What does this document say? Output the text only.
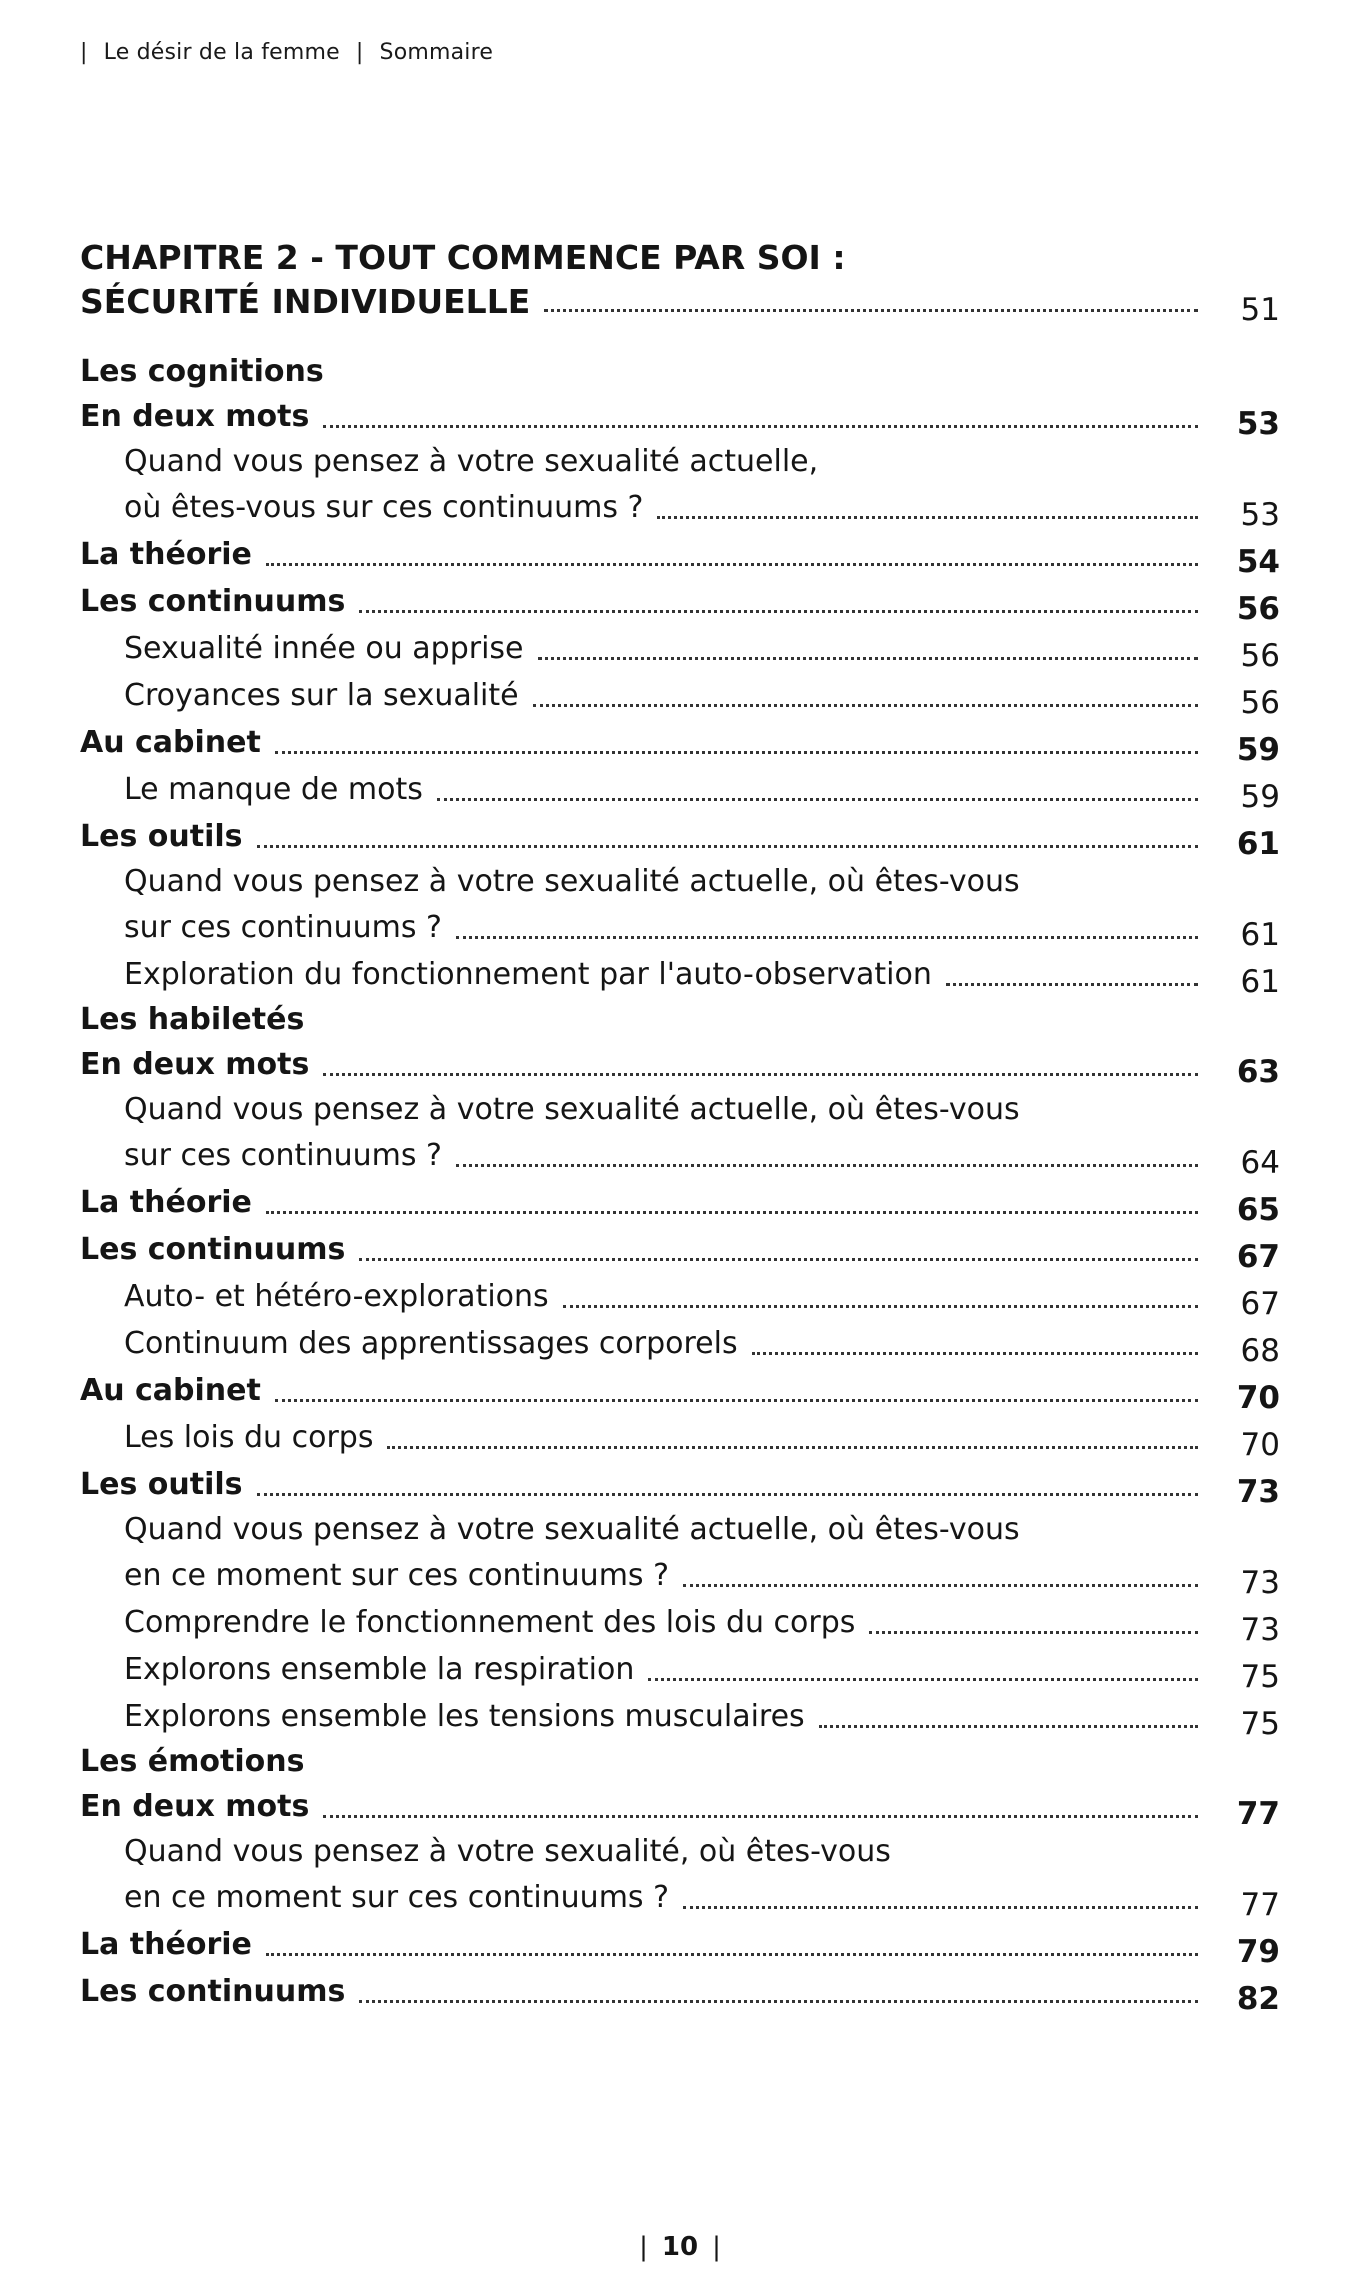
| Le désir de la femme | Sommaire
CHAPITRE 2 - TOUT COMMENCE PAR SOI :
SÉCURITÉ INDIVIDUELLE	51
Les cognitions
En deux mots	53
Quand vous pensez à votre sexualité actuelle,
où êtes-vous sur ces continuums ?	53
La théorie	54
Les continuums	56
Sexualité innée ou apprise	56
Croyances sur la sexualité	56
Au cabinet	59
Le manque de mots	59
Les outils	61
Quand vous pensez à votre sexualité actuelle, où êtes-vous
sur ces continuums ?	61
Exploration du fonctionnement par l'auto-observation	61
Les habiletés
En deux mots	63
Quand vous pensez à votre sexualité actuelle, où êtes-vous
sur ces continuums ?	64
La théorie	65
Les continuums	67
Auto- et hétéro-explorations	67
Continuum des apprentissages corporels	68
Au cabinet	70
Les lois du corps	70
Les outils	73
Quand vous pensez à votre sexualité actuelle, où êtes-vous
en ce moment sur ces continuums ?	73
Comprendre le fonctionnement des lois du corps	73
Explorons ensemble la respiration	75
Explorons ensemble les tensions musculaires	75
Les émotions
En deux mots	77
Quand vous pensez à votre sexualité, où êtes-vous
en ce moment sur ces continuums ?	77
La théorie	79
Les continuums	82
| 10 |
